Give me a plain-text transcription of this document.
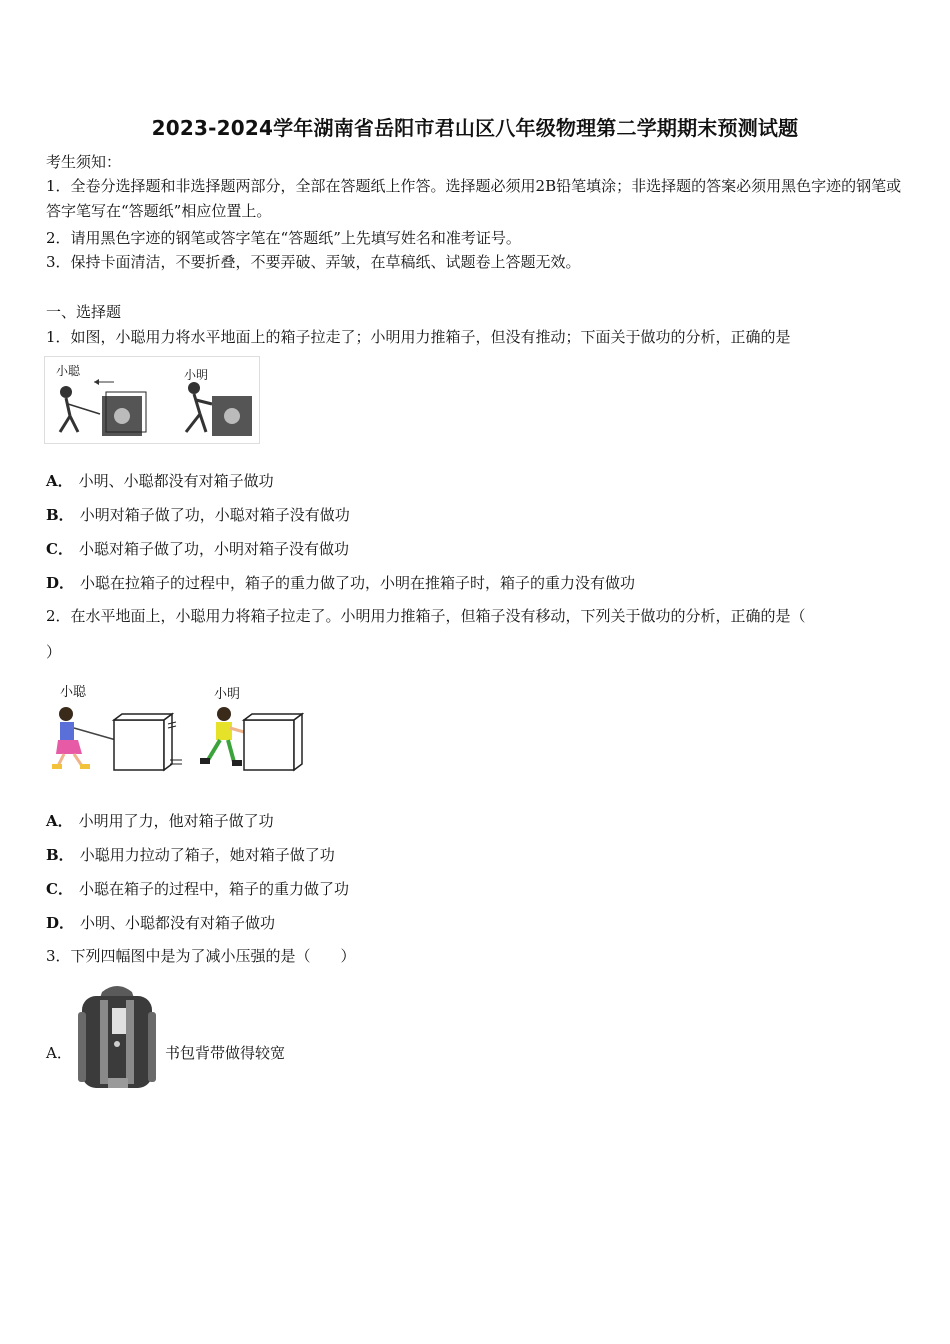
2023-2024学年湖南省岳阳市君山区八年级物理第二学期期末预测试题
考生须知：
1．全卷分选择题和非选择题两部分，全部在答题纸上作答。选择题必须用2B铅笔填涂；非选择题的答案必须用黑色字迹的钢笔或答字笔写在“答题纸”相应位置上。
2．请用黑色字迹的钢笔或答字笔在“答题纸”上先填写姓名和准考证号。
3．保持卡面清洁，不要折叠，不要弄破、弄皱，在草稿纸、试题卷上答题无效。
一、选择题
1．如图，小聪用力将水平地面上的箱子拉走了；小明用力推箱子，但没有推动；下面关于做功的分析，正确的是
小聪	小明
A． 小明、小聪都没有对箱子做功
B． 小明对箱子做了功，小聪对箱子没有做功
C． 小聪对箱子做了功，小明对箱子没有做功
D． 小聪在拉箱子的过程中，箱子的重力做了功，小明在推箱子时，箱子的重力没有做功
2．在水平地面上，小聪用力将箱子拉走了。小明用力推箱子，但箱子没有移动，下列关于做功的分析，正确的是（
）
小聪	小明
A． 小明用了力，他对箱子做了功
B． 小聪用力拉动了箱子，她对箱子做了功
C． 小聪在箱子的过程中，箱子的重力做了功
D． 小明、小聪都没有对箱子做功
3．下列四幅图中是为了减小压强的是（　　）
A．	书包背带做得较宽
